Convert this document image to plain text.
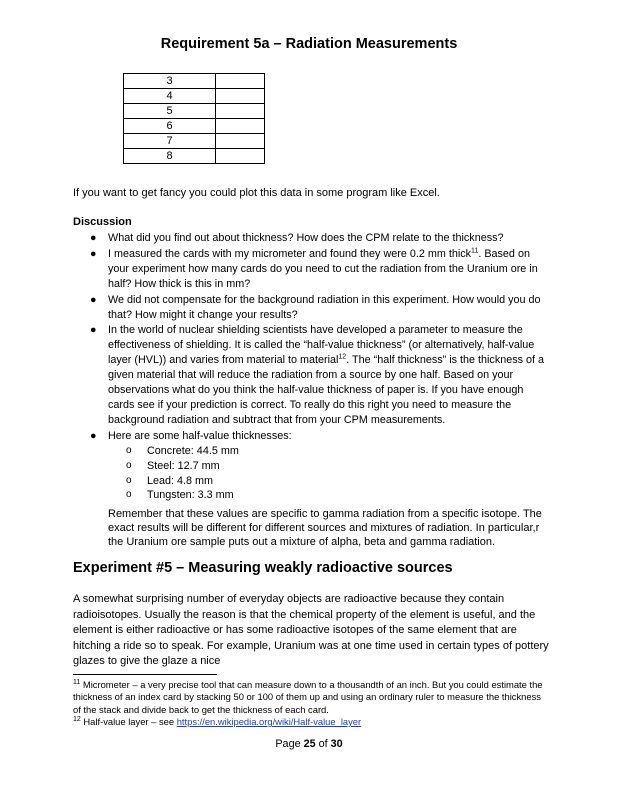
Requirement 5a – Radiation Measurements
3	
4	
5	
6	
7	
8	
If you want to get fancy you could plot this data in some program like Excel.
Discussion
● What did you find out about thickness? How does the CPM relate to the thickness?
● I measured the cards with my micrometer and found they were 0.2 mm thick$^{11}$. Based on your experiment how many cards do you need to cut the radiation from the Uranium ore in half? How thick is this in mm?
● We did not compensate for the background radiation in this experiment. How would you do that? How might it change your results?
● In the world of nuclear shielding scientists have developed a parameter to measure the effectiveness of shielding. It is called the “half-value thickness” (or alternatively, half-value layer (HVL)) and varies from material to material$^{12}$. The “half thickness” is the thickness of a given material that will reduce the radiation from a source by one half. Based on your observations what do you think the half-value thickness of paper is. If you have enough cards see if your prediction is correct. To really do this right you need to measure the background radiation and subtract that from your CPM measurements.
● Here are some half-value thicknesses:
o Concrete: 44.5 mm
o Steel: 12.7 mm
o Lead: 4.8 mm
o Tungsten: 3.3 mm
Remember that these values are specific to gamma radiation from a specific isotope. The exact results will be different for different sources and mixtures of radiation. In particular,r the Uranium ore sample puts out a mixture of alpha, beta and gamma radiation.
Experiment #5 – Measuring weakly radioactive sources
A somewhat surprising number of everyday objects are radioactive because they contain radioisotopes. Usually the reason is that the chemical property of the element is useful, and the element is either radioactive or has some radioactive isotopes of the same element that are hitching a ride so to speak. For example, Uranium was at one time used in certain types of pottery glazes to give the glaze a nice
$^{11}$ Micrometer – a very precise tool that can measure down to a thousandth of an inch. But you could estimate the thickness of an index card by stacking 50 or 100 of them up and using an ordinary ruler to measure the thickness of the stack and divide back to get the thickness of each card.
$^{12}$ Half-value layer – see https://en.wikipedia.org/wiki/Half-value_layer
Page 25 of 30
